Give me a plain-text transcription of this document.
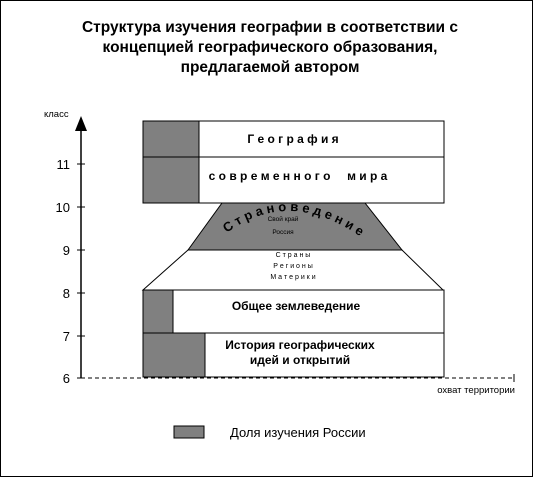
Структура изучения географии в соответствии с
концепцией географического образования,
предлагаемой автором
класс
11
10
9
8
7
6
охват территории
Г е о г р а ф и я
с о в р е м е н н о г о     м и р а
С т р а н о в е д е н и е
Свой край
Россия
С т р а н ы
Р е г и о н ы
М а т е р и к и
Общее землеведение
История географических
идей и открытий
Доля изучения России
